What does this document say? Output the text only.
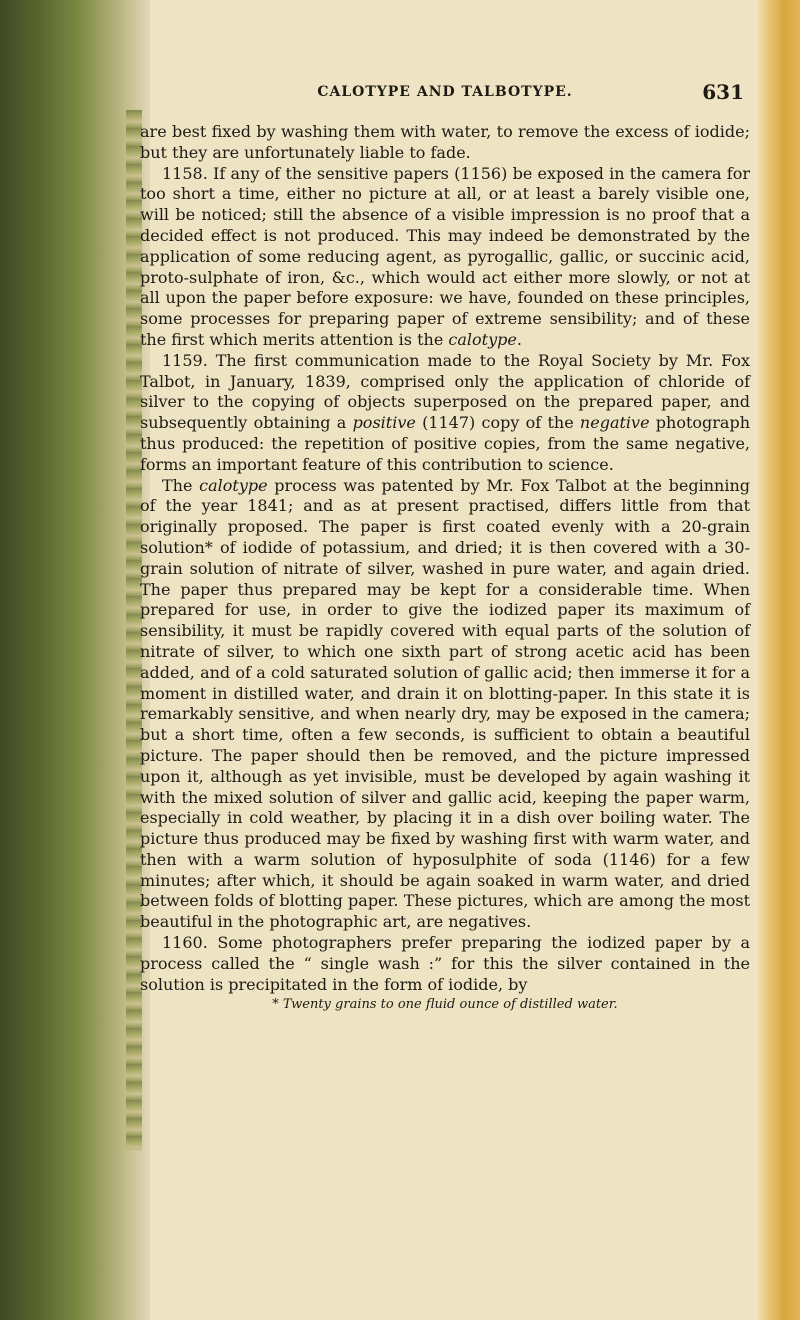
CALOTYPE AND TALBOTYPE.	631

are best fixed by washing them with water, to remove the excess of iodide; but they are unfortunately liable to fade.

1158. If any of the sensitive papers (1156) be exposed in the camera for too short a time, either no picture at all, or at least a barely visible one, will be noticed; still the absence of a visible impression is no proof that a decided effect is not produced. This may indeed be demonstrated by the application of some reducing agent, as pyrogallic, gallic, or succinic acid, proto-sulphate of iron, &c., which would act either more slowly, or not at all upon the paper before exposure: we have, founded on these principles, some processes for preparing paper of extreme sensibility; and of these the first which merits attention is the calotype.

1159. The first communication made to the Royal Society by Mr. Fox Talbot, in January, 1839, comprised only the application of chloride of silver to the copying of objects superposed on the prepared paper, and subsequently obtaining a positive (1147) copy of the negative photograph thus produced: the repetition of positive copies, from the same negative, forms an important feature of this contribution to science.

The calotype process was patented by Mr. Fox Talbot at the beginning of the year 1841; and as at present practised, differs little from that originally proposed. The paper is first coated evenly with a 20-grain solution* of iodide of potassium, and dried; it is then covered with a 30-grain solution of nitrate of silver, washed in pure water, and again dried. The paper thus prepared may be kept for a considerable time. When prepared for use, in order to give the iodized paper its maximum of sensibility, it must be rapidly covered with equal parts of the solution of nitrate of silver, to which one sixth part of strong acetic acid has been added, and of a cold saturated solution of gallic acid; then immerse it for a moment in distilled water, and drain it on blotting-paper. In this state it is remarkably sensitive, and when nearly dry, may be exposed in the camera; but a short time, often a few seconds, is sufficient to obtain a beautiful picture. The paper should then be removed, and the picture impressed upon it, although as yet invisible, must be developed by again washing it with the mixed solution of silver and gallic acid, keeping the paper warm, especially in cold weather, by placing it in a dish over boiling water. The picture thus produced may be fixed by washing first with warm water, and then with a warm solution of hyposulphite of soda (1146) for a few minutes; after which, it should be again soaked in warm water, and dried between folds of blotting paper. These pictures, which are among the most beautiful in the photographic art, are negatives.

1160. Some photographers prefer preparing the iodized paper by a process called the “ single wash :” for this the silver contained in the solution is precipitated in the form of iodide, by

* Twenty grains to one fluid ounce of distilled water.
